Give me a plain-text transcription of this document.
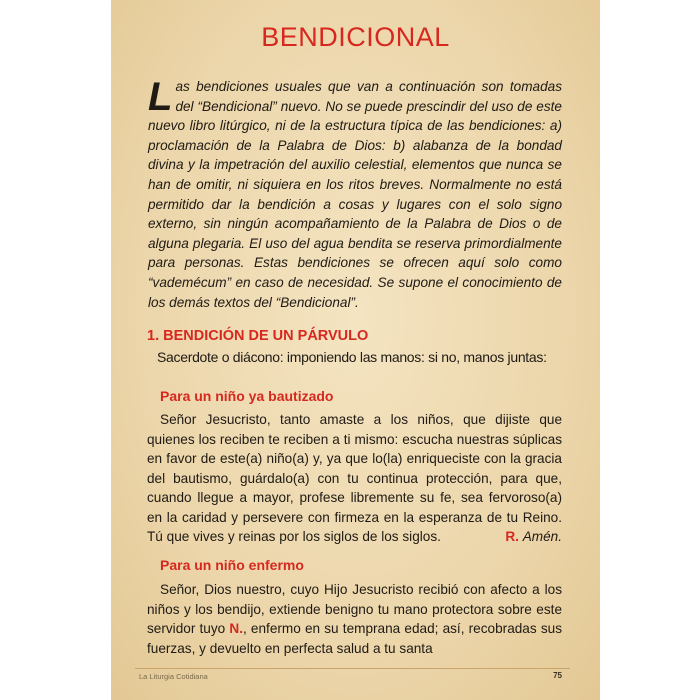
BENDICIONAL
Las bendiciones usuales que van a continuación son tomadas del “Bendicional” nuevo. No se puede prescindir del uso de este nuevo libro litúrgico, ni de la estructura típica de las bendiciones: a) proclamación de la Palabra de Dios: b) alabanza de la bondad divina y la impetración del auxilio celestial, elementos que nunca se han de omitir, ni siquiera en los ritos breves. Normalmente no está permitido dar la bendición a cosas y lugares con el solo signo externo, sin ningún acompañamiento de la Palabra de Dios o de alguna plegaria. El uso del agua bendita se reserva primordialmente para personas. Estas bendiciones se ofrecen aquí solo como “vademécum” en caso de necesidad. Se supone el conocimiento de los demás textos del “Bendicional”.
1. BENDICIÓN DE UN PÁRVULO
Sacerdote o diácono: imponiendo las manos: si no, manos juntas:
Para un niño ya bautizado
Señor Jesucristo, tanto amaste a los niños, que dijiste que quienes los reciben te reciben a ti mismo: escucha nuestras súplicas en favor de este(a) niño(a) y, ya que lo(la) enriqueciste con la gracia del bautismo, guárdalo(a) con tu continua protección, para que, cuando llegue a mayor, profese libremente su fe, sea fervoroso(a) en la caridad y persevere con firmeza en la esperanza de tu Reino. Tú que vives y reinas por los siglos de los siglos.	R. Amén.
Para un niño enfermo
Señor, Dios nuestro, cuyo Hijo Jesucristo recibió con afecto a los niños y los bendijo, extiende benigno tu mano protectora sobre este servidor tuyo N., enfermo en su temprana edad; así, recobradas sus fuerzas, y devuelto en perfecta salud a tu santa
La Liturgia Cotidiana	75
